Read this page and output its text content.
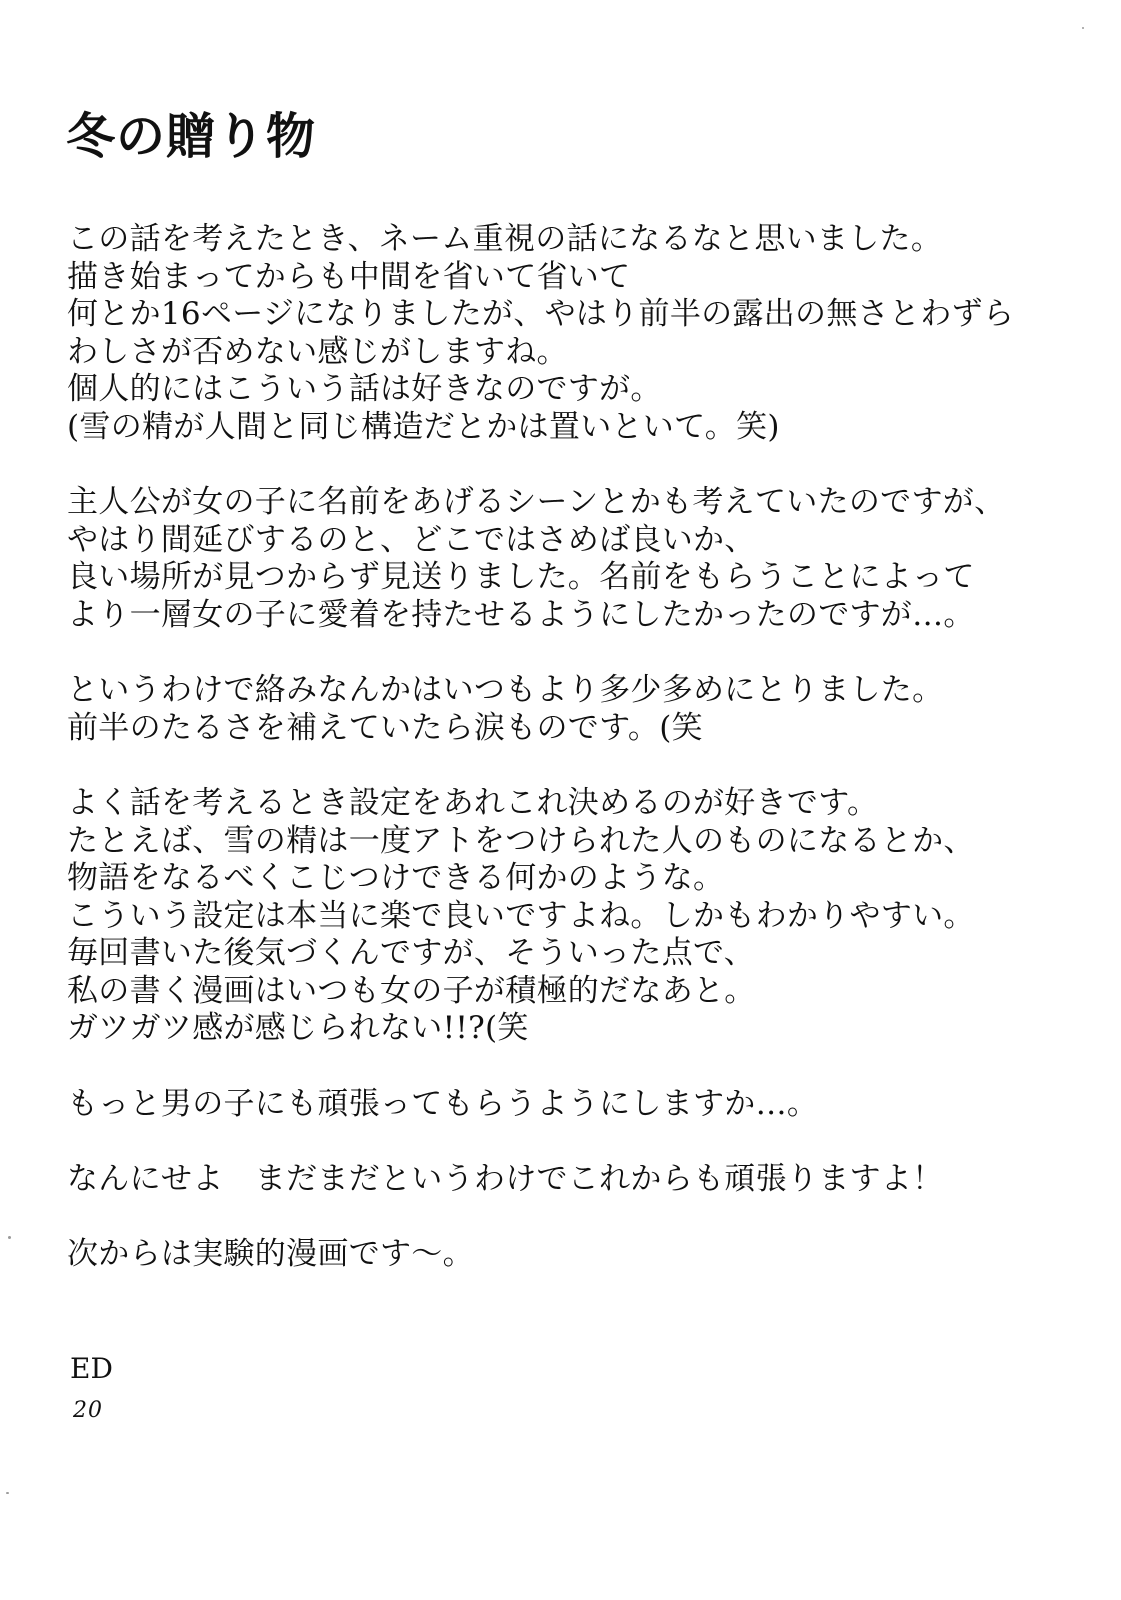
冬の贈り物
この話を考えたとき、ネーム重視の話になるなと思いました。
描き始まってからも中間を省いて省いて
何とか16ページになりましたが、やはり前半の露出の無さとわずら
わしさが否めない感じがしますね。
個人的にはこういう話は好きなのですが。
(雪の精が人間と同じ構造だとかは置いといて。笑)
主人公が女の子に名前をあげるシーンとかも考えていたのですが、
やはり間延びするのと、どこではさめば良いか、
良い場所が見つからず見送りました。名前をもらうことによって
より一層女の子に愛着を持たせるようにしたかったのですが…。
というわけで絡みなんかはいつもより多少多めにとりました。
前半のたるさを補えていたら涙ものです。(笑
よく話を考えるとき設定をあれこれ決めるのが好きです。
たとえば、雪の精は一度アトをつけられた人のものになるとか、
物語をなるべくこじつけできる何かのような。
こういう設定は本当に楽で良いですよね。しかもわかりやすい。
毎回書いた後気づくんですが、そういった点で、
私の書く漫画はいつも女の子が積極的だなあと。
ガツガツ感が感じられない!!?(笑
もっと男の子にも頑張ってもらうようにしますか…。
なんにせよ　まだまだというわけでこれからも頑張りますよ！
次からは実験的漫画です～。
ED
20
